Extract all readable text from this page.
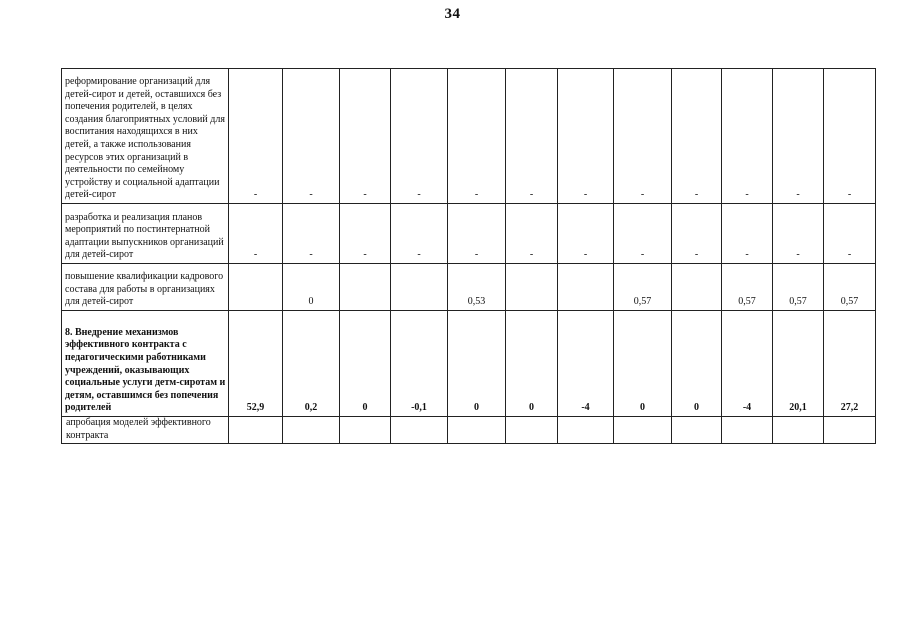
34
реформирование организаций для детей-сирот и детей, оставшихся без попечения родителей, в целях создания благоприятных условий для воспитания находящихся в них детей, а также использования ресурсов этих организаций в деятельности по семейному устройству и социальной адаптации детей-сирот	-	-	-	-	-	-	-	-	-	-	-	-
разработка и реализация планов мероприятий по постинтернатной адаптации выпускников организаций для детей-сирот	-	-	-	-	-	-	-	-	-	-	-	-
повышение квалификации кадрового состава для работы в организациях для детей-сирот		0			0,53			0,57		0,57	0,57	0,57
8. Внедрение механизмов эффективного контракта с педагогическими работниками учреждений, оказывающих социальные услуги детм-сиротам и детям, оставшимся без попечения родителей	52,9	0,2	0	-0,1	0	0	-4	0	0	-4	20,1	27,2
апробация моделей эффективного контракта												
